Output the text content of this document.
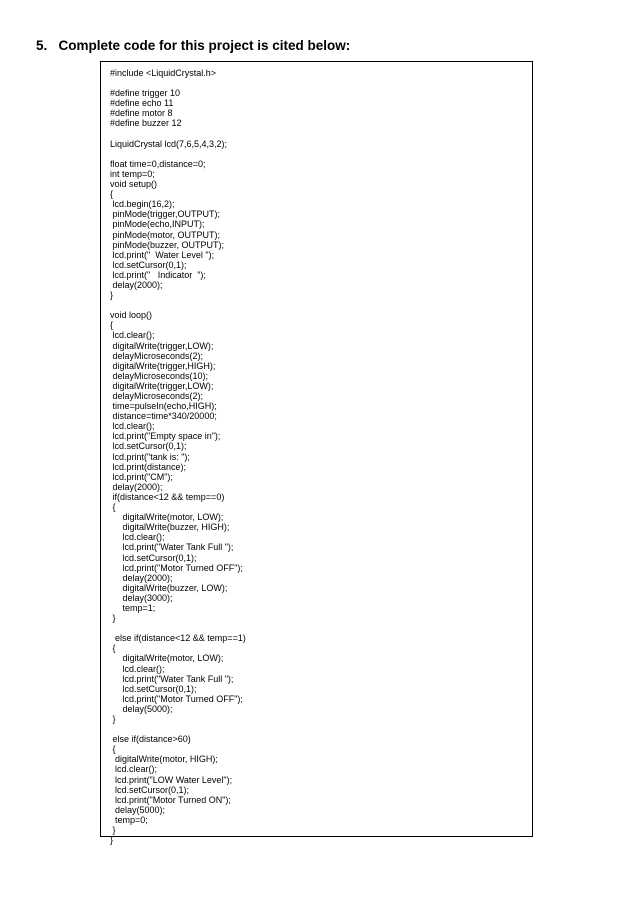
5.   Complete code for this project is cited below:
#include <LiquidCrystal.h>
#define trigger 10
#define echo 11
#define motor 8
#define buzzer 12
LiquidCrystal lcd(7,6,5,4,3,2);
float time=0,distance=0;
int temp=0;
void setup()
{
lcd.begin(16,2);
pinMode(trigger,OUTPUT);
pinMode(echo,INPUT);
pinMode(motor, OUTPUT);
pinMode(buzzer, OUTPUT);
lcd.print("  Water Level ");
lcd.setCursor(0,1);
lcd.print("   Indicator  ");
delay(2000);
}
void loop()
{
lcd.clear();
digitalWrite(trigger,LOW);
delayMicroseconds(2);
digitalWrite(trigger,HIGH);
delayMicroseconds(10);
digitalWrite(trigger,LOW);
delayMicroseconds(2);
time=pulseIn(echo,HIGH);
distance=time*340/20000;
lcd.clear();
lcd.print("Empty space in");
lcd.setCursor(0,1);
lcd.print("tank is: ");
lcd.print(distance);
lcd.print("CM");
delay(2000);
if(distance<12 && temp==0)
{
digitalWrite(motor, LOW);
digitalWrite(buzzer, HIGH);
lcd.clear();
lcd.print("Water Tank Full ");
lcd.setCursor(0,1);
lcd.print("Motor Turned OFF");
delay(2000);
digitalWrite(buzzer, LOW);
delay(3000);
temp=1;
}
else if(distance<12 && temp==1)
{
digitalWrite(motor, LOW);
lcd.clear();
lcd.print("Water Tank Full ");
lcd.setCursor(0,1);
lcd.print("Motor Turned OFF");
delay(5000);
}
else if(distance>60)
{
digitalWrite(motor, HIGH);
lcd.clear();
lcd.print("LOW Water Level");
lcd.setCursor(0,1);
lcd.print("Motor Turned ON");
delay(5000);
temp=0;
}
}
